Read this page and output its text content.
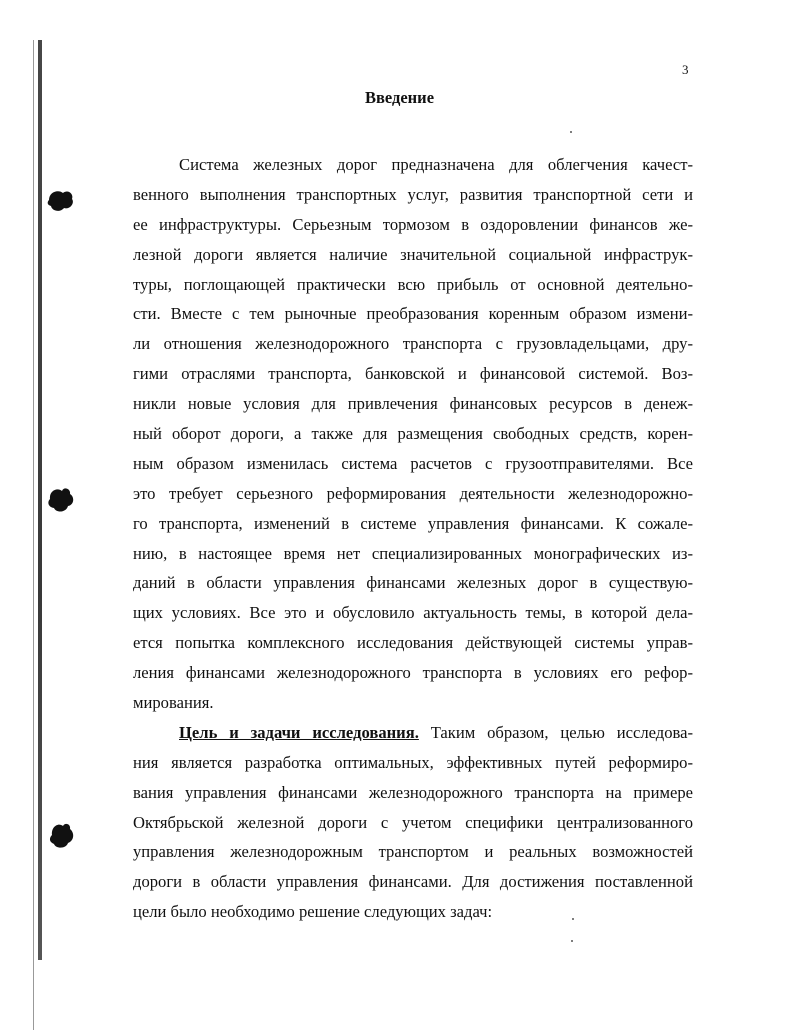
3
Введение
Система железных дорог предназначена для облегчения качест-
венного выполнения транспортных услуг, развития транспортной сети и
ее инфраструктуры. Серьезным тормозом в оздоровлении финансов же-
лезной дороги является наличие значительной социальной инфраструк-
туры, поглощающей практически всю прибыль от основной деятельно-
сти. Вместе с тем рыночные преобразования коренным образом измени-
ли отношения железнодорожного транспорта с грузовладельцами, дру-
гими отраслями транспорта, банковской и финансовой системой. Воз-
никли новые условия для привлечения финансовых ресурсов в денеж-
ный оборот дороги, а также для размещения свободных средств, корен-
ным образом изменилась система расчетов с грузоотправителями. Все
это требует серьезного реформирования деятельности железнодорожно-
го транспорта, изменений в системе управления финансами. К сожале-
нию, в настоящее время нет специализированных монографических из-
даний в области управления финансами железных дорог в существую-
щих условиях. Все это и обусловило актуальность темы, в которой дела-
ется попытка комплексного исследования действующей системы управ-
ления финансами железнодорожного транспорта в условиях его рефор-
мирования.
Цель и задачи исследования. Таким образом, целью исследова-
ния является разработка оптимальных, эффективных путей реформиро-
вания управления финансами железнодорожного транспорта на примере
Октябрьской железной дороги с учетом специфики централизованного
управления железнодорожным транспортом и реальных возможностей
дороги в области управления финансами. Для достижения поставленной
цели было необходимо решение следующих задач:
